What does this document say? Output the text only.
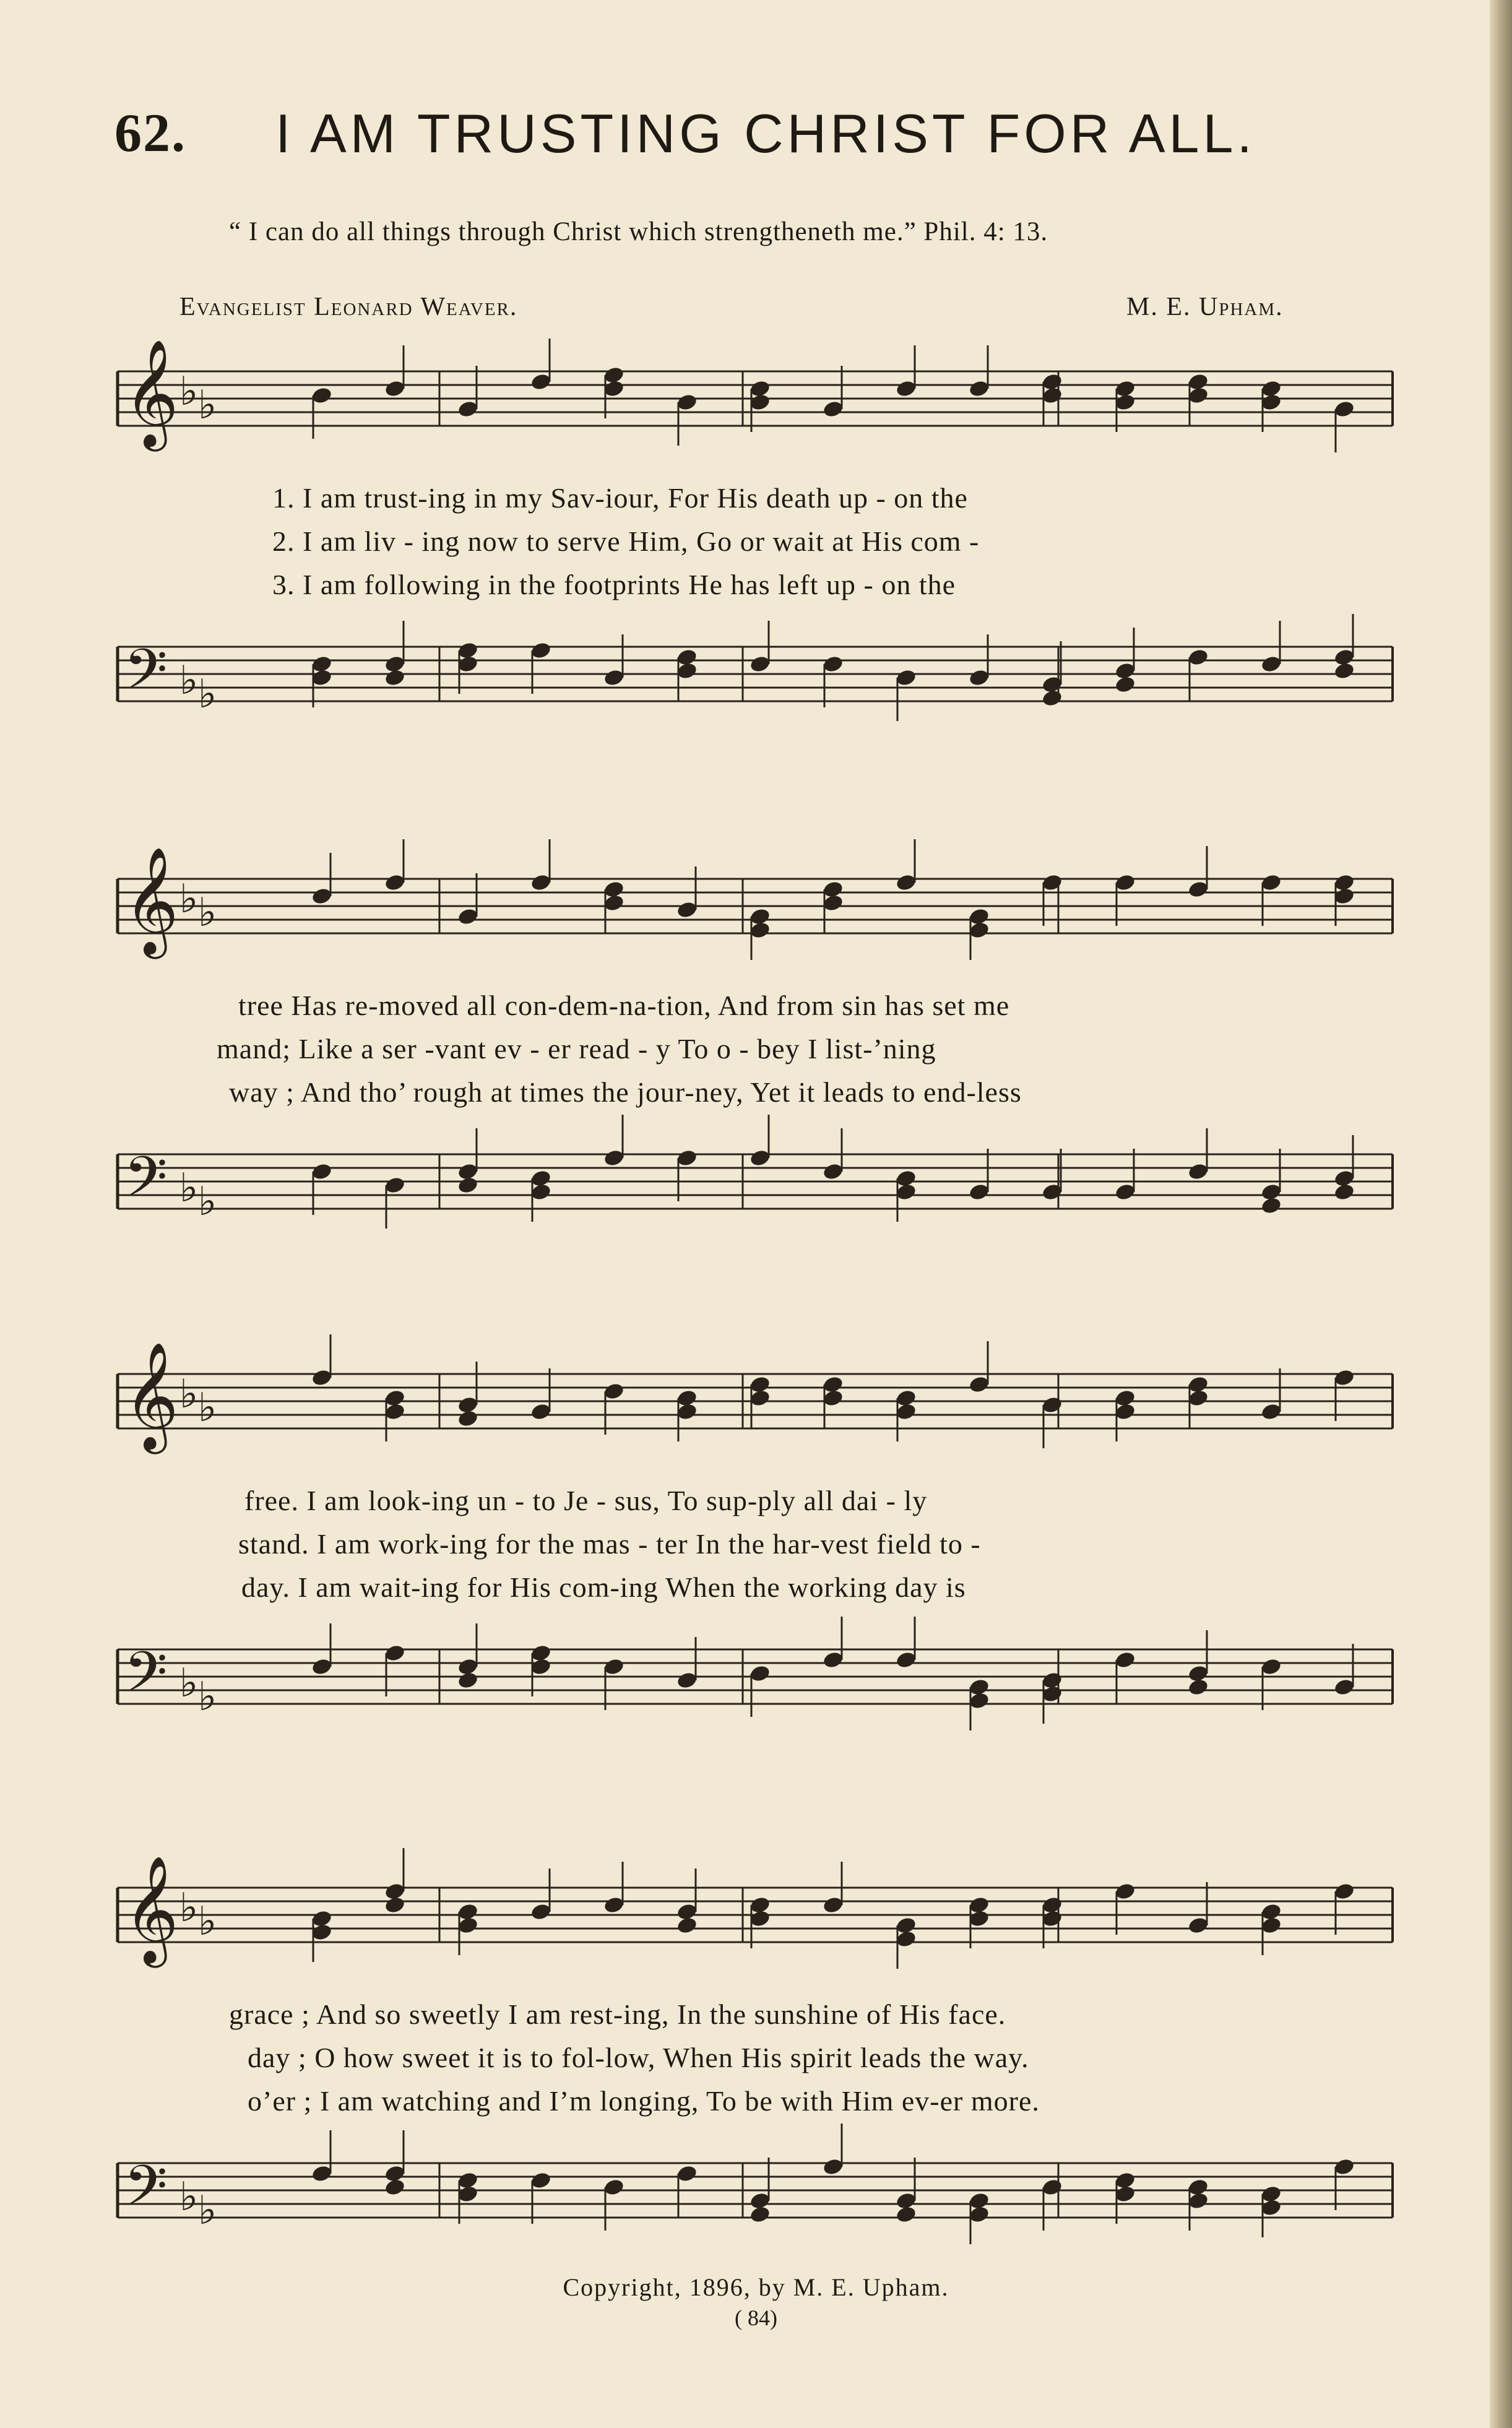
62. I AM TRUSTING CHRIST FOR ALL.
“ I can do all things through Christ which strengtheneth me.” Phil. 4: 13.
Evangelist Leonard Weaver.	M. E. Upham.
𝄞 ♭ ♭
1. I am trust-ing in my Sav-iour, For His death up - on the
2. I am liv - ing now to serve Him, Go or wait at His com -
3. I am following in the footprints He has left up - on the
𝄢 ♭ ♭
𝄞 ♭ ♭
tree Has re-moved all con-dem-na-tion, And from sin has set me
mand; Like a ser -vant ev - er read - y To o - bey I list-’ning
way ; And tho’ rough at times the jour-ney, Yet it leads to end-less
𝄢 ♭ ♭
𝄞 ♭ ♭
free. I am look-ing un - to Je - sus, To sup-ply all dai - ly
stand. I am work-ing for the mas - ter In the har-vest field to -
day. I am wait-ing for His com-ing When the working day is
𝄢 ♭ ♭
𝄞 ♭ ♭
grace ; And so sweetly I am rest-ing, In the sunshine of His face.
day ; O how sweet it is to fol-low, When His spirit leads the way.
o’er ; I am watching and I’m longing, To be with Him ev-er more.
𝄢 ♭ ♭
Copyright, 1896, by M. E. Upham.
( 84)
